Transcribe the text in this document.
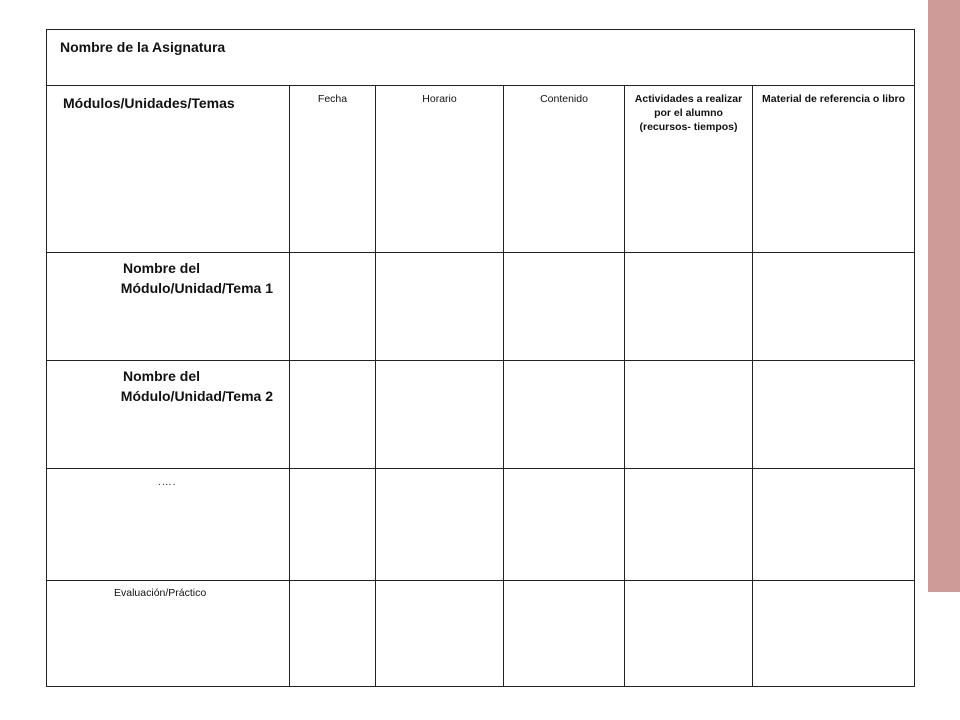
Nombre de la Asignatura					
Módulos/Unidades/Temas	Fecha	Horario	Contenido	Actividades a realizar por el alumno (recursos- tiempos)	Material de referencia o libro

Nombre del
Módulo/Unidad/Tema 1					

Nombre del
Módulo/Unidad/Tema 2					

.….					
Evaluación/Práctico					
